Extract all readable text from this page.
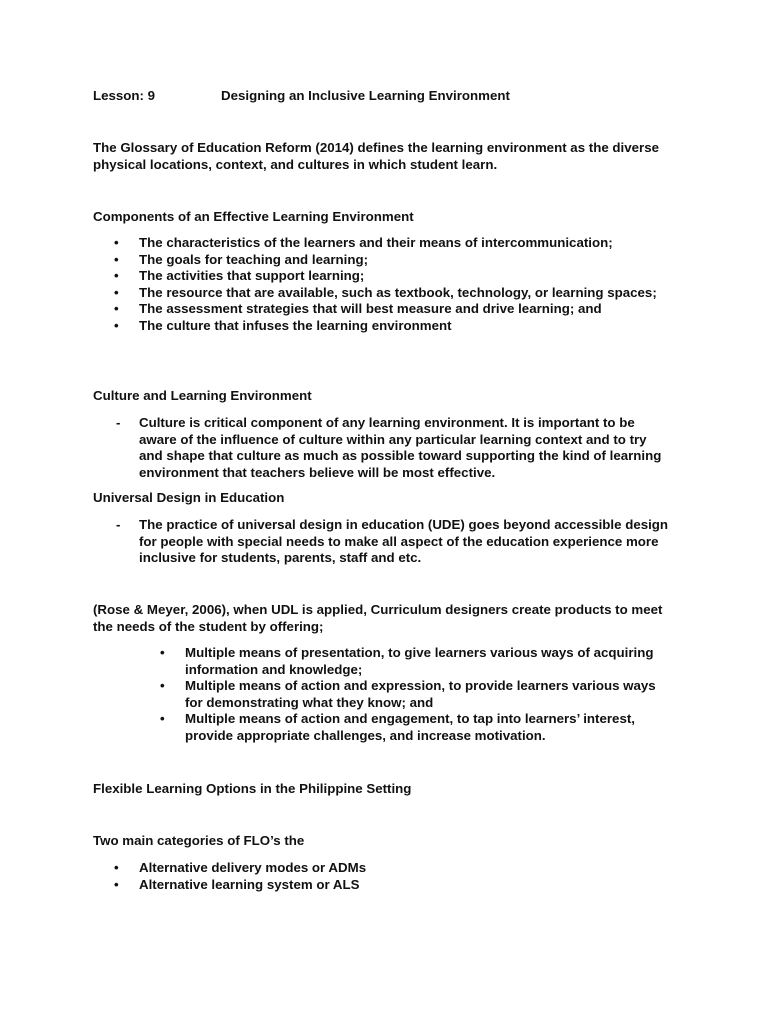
Lesson: 9	Designing an Inclusive Learning Environment
The Glossary of Education Reform (2014) defines the learning environment as the diverse physical locations, context, and cultures in which student learn.
Components of an Effective Learning Environment
• The characteristics of the learners and their means of intercommunication;
• The goals for teaching and learning;
• The activities that support learning;
• The resource that are available, such as textbook, technology, or learning spaces;
• The assessment strategies that will best measure and drive learning; and
• The culture that infuses the learning environment
Culture and Learning Environment
-	Culture is critical component of any learning environment. It is important to be aware of the influence of culture within any particular learning context and to try and shape that culture as much as possible toward supporting the kind of learning environment that teachers believe will be most effective.
Universal Design in Education
-	The practice of universal design in education (UDE) goes beyond accessible design for people with special needs to make all aspect of the education experience more inclusive for students, parents, staff and etc.
(Rose & Meyer, 2006), when UDL is applied, Curriculum designers create products to meet the needs of the student by offering;
• Multiple means of presentation, to give learners various ways of acquiring information and knowledge;
• Multiple means of action and expression, to provide learners various ways for demonstrating what they know; and
• Multiple means of action and engagement, to tap into learners’ interest, provide appropriate challenges, and increase motivation.
Flexible Learning Options in the Philippine Setting
Two main categories of FLO’s the
• Alternative delivery modes or ADMs
• Alternative learning system or ALS
